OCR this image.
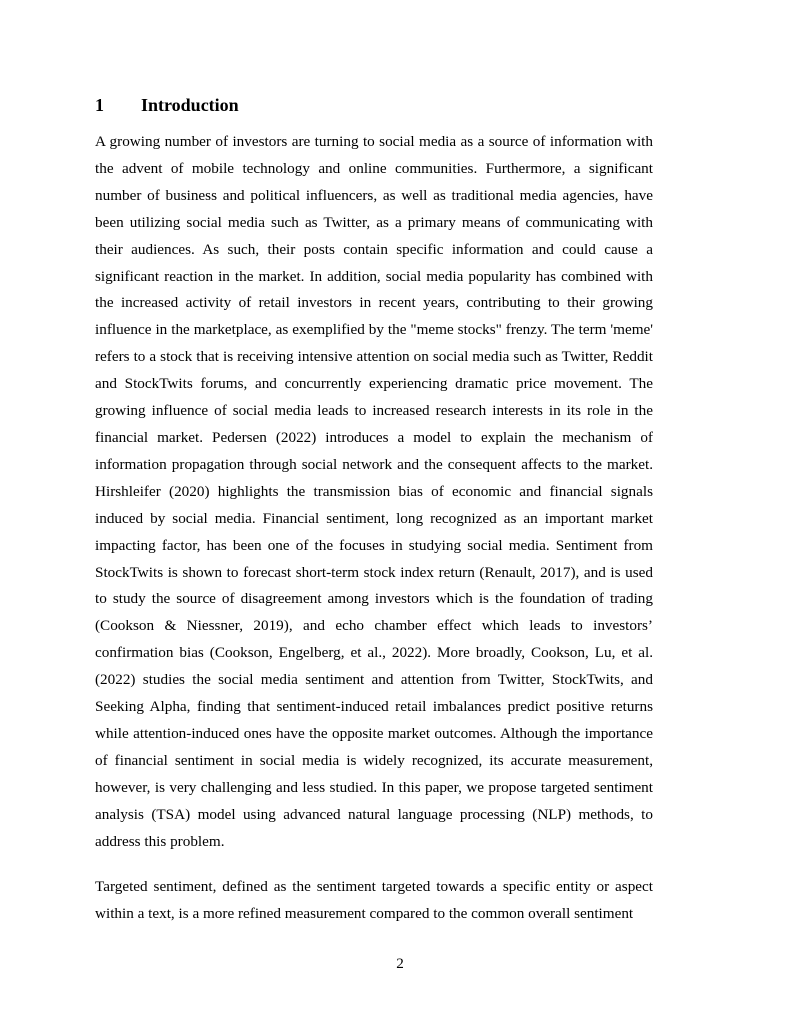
1 Introduction

A growing number of investors are turning to social media as a source of information with the advent of mobile technology and online communities. Furthermore, a significant number of business and political influencers, as well as traditional media agencies, have been utilizing social media such as Twitter, as a primary means of communicating with their audiences. As such, their posts contain specific information and could cause a significant reaction in the market. In addition, social media popularity has combined with the increased activity of retail investors in recent years, contributing to their growing influence in the marketplace, as exemplified by the "meme stocks" frenzy. The term 'meme' refers to a stock that is receiving intensive attention on social media such as Twitter, Reddit and StockTwits forums, and concurrently experiencing dramatic price movement. The growing influence of social media leads to increased research interests in its role in the financial market. Pedersen (2022) introduces a model to explain the mechanism of information propagation through social network and the consequent affects to the market. Hirshleifer (2020) highlights the transmission bias of economic and financial signals induced by social media. Financial sentiment, long recognized as an important market impacting factor, has been one of the focuses in studying social media. Sentiment from StockTwits is shown to forecast short-term stock index return (Renault, 2017), and is used to study the source of disagreement among investors which is the foundation of trading (Cookson & Niessner, 2019), and echo chamber effect which leads to investors’ confirmation bias (Cookson, Engelberg, et al., 2022). More broadly, Cookson, Lu, et al. (2022) studies the social media sentiment and attention from Twitter, StockTwits, and Seeking Alpha, finding that sentiment-induced retail imbalances predict positive returns while attention-induced ones have the opposite market outcomes. Although the importance of financial sentiment in social media is widely recognized, its accurate measurement, however, is very challenging and less studied. In this paper, we propose targeted sentiment analysis (TSA) model using advanced natural language processing (NLP) methods, to address this problem.

Targeted sentiment, defined as the sentiment targeted towards a specific entity or aspect within a text, is a more refined measurement compared to the common overall sentiment

2
